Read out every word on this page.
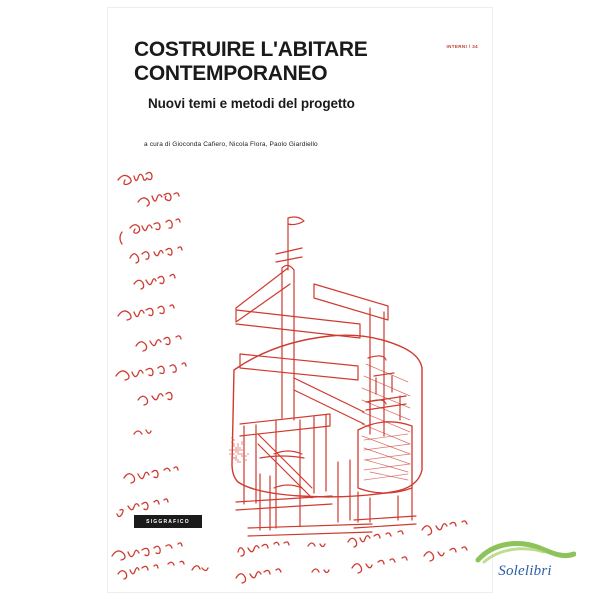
INTERNI / 34
COSTRUIRE L'ABITARE
CONTEMPORANEO
Nuovi temi e metodi del progetto
a cura di Gioconda Cafiero, Nicola Flora, Paolo Giardiello
SIGGRAFICO
Solelibri
